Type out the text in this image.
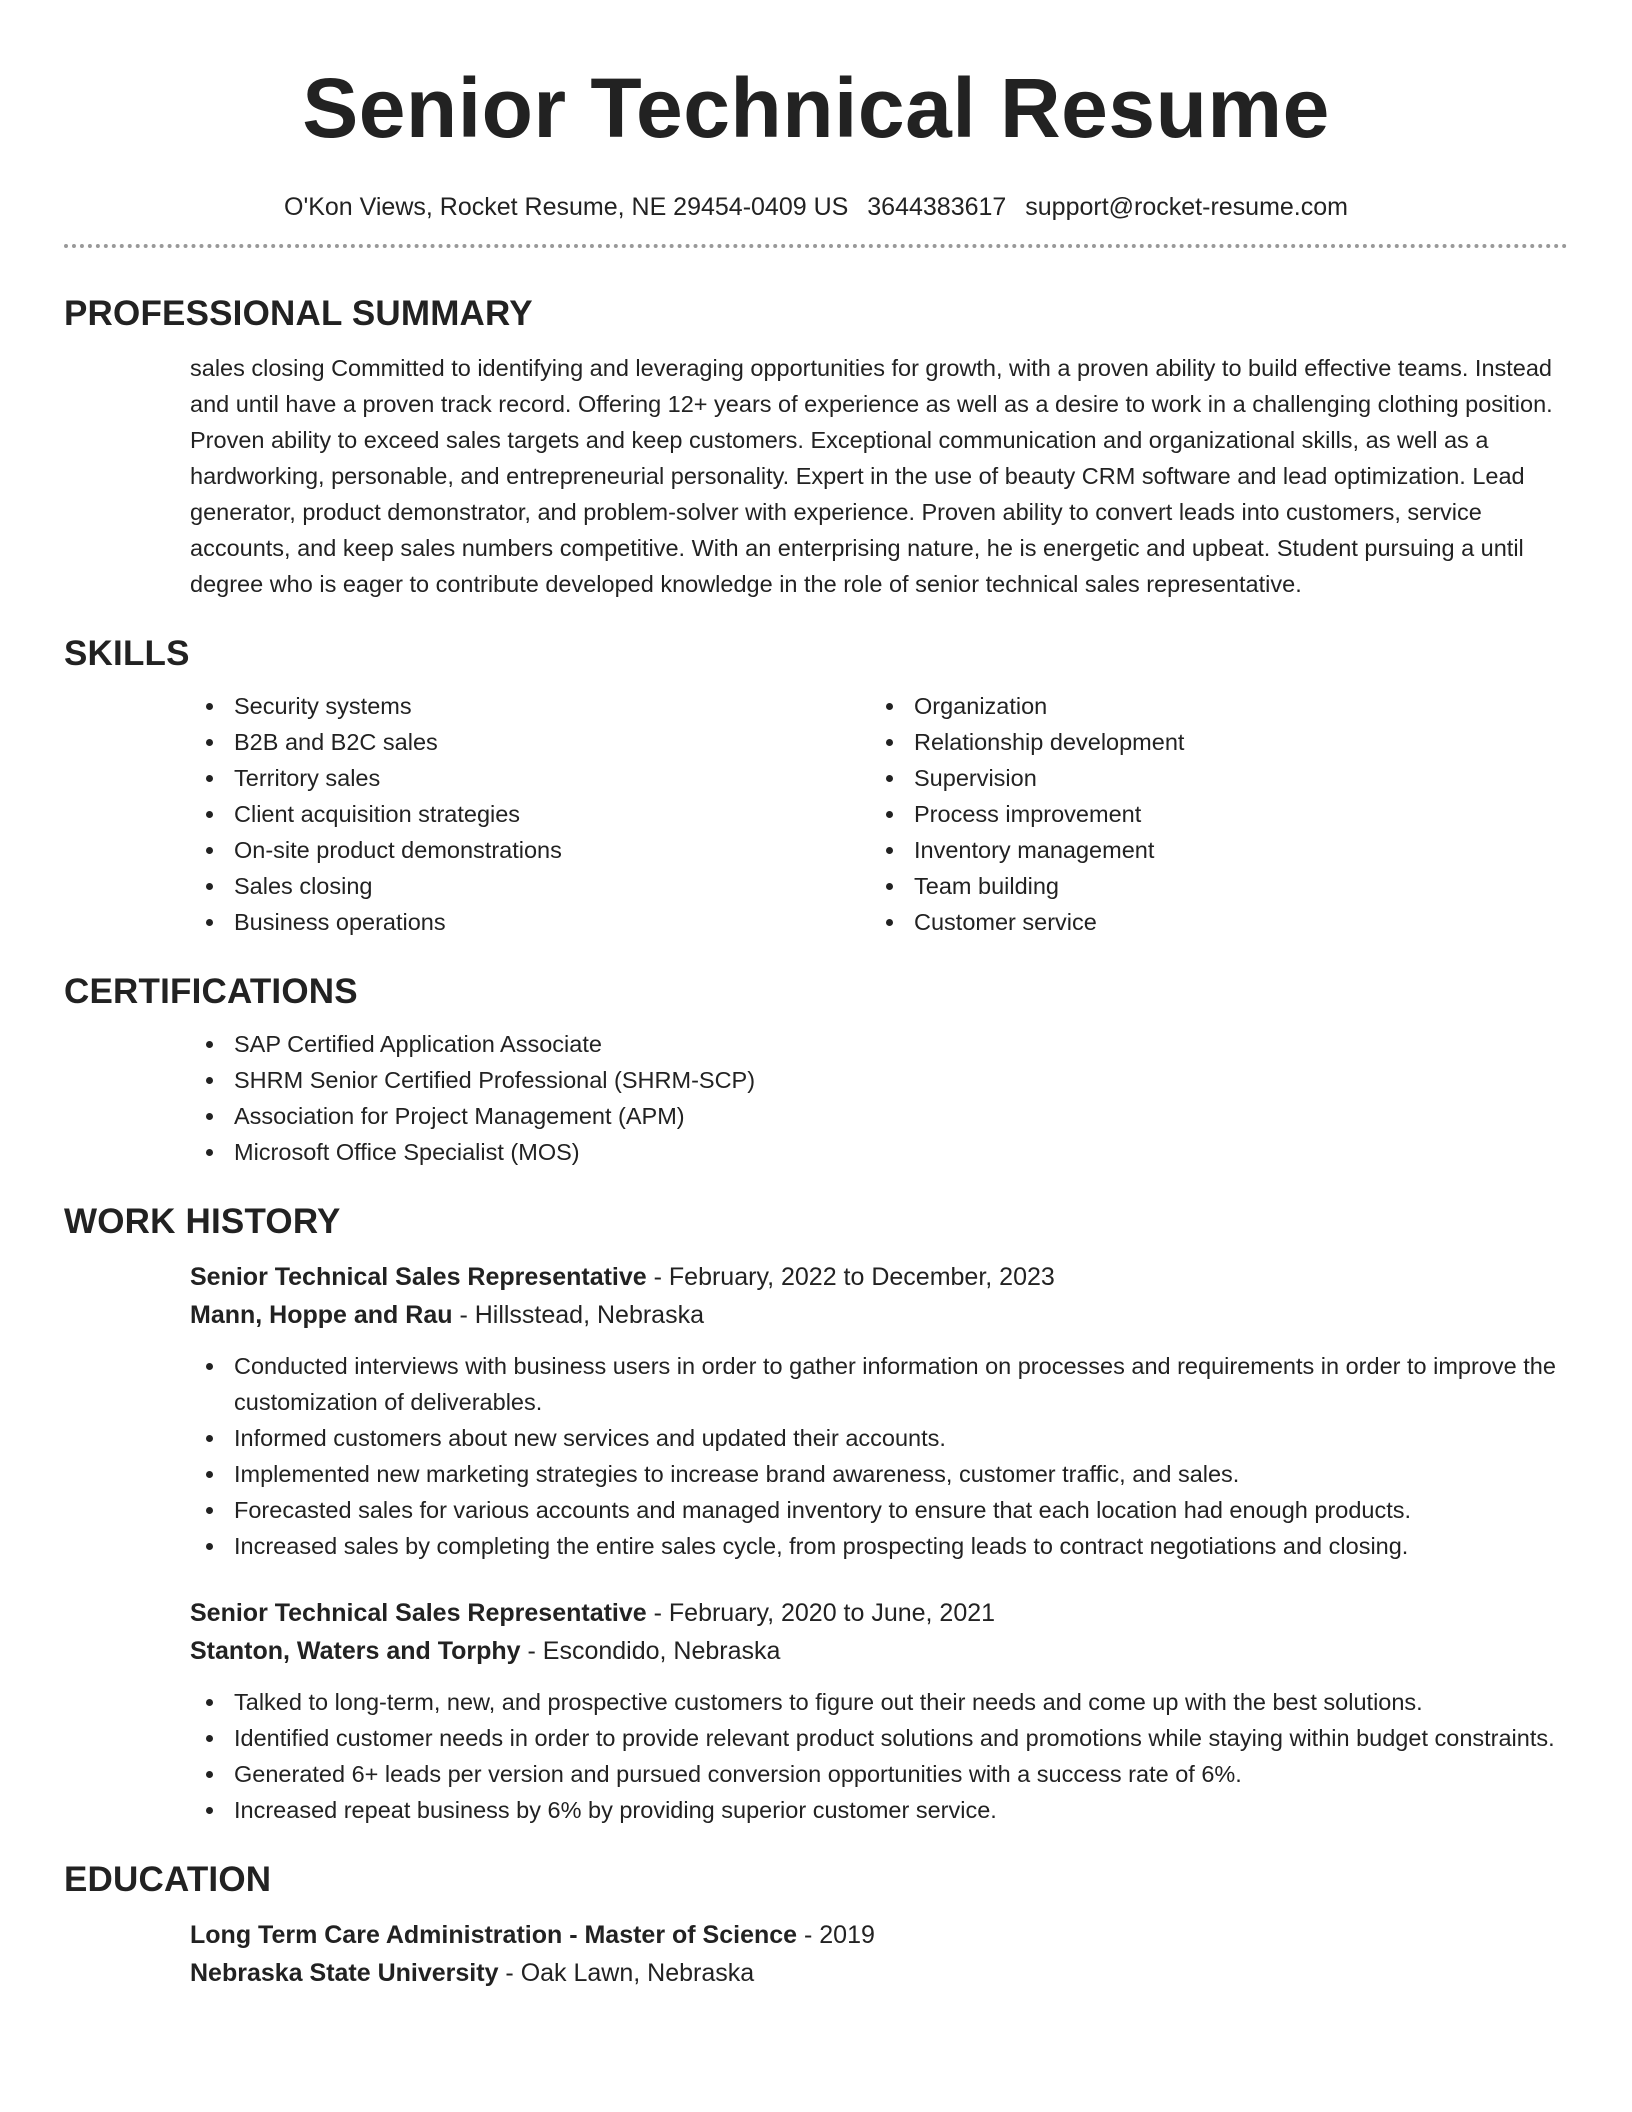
Senior Technical Resume
O'Kon Views, Rocket Resume, NE 29454-0409 US 3644383617 support@rocket-resume.com
PROFESSIONAL SUMMARY

sales closing Committed to identifying and leveraging opportunities for growth, with a proven ability to build effective teams. Instead and until have a proven track record. Offering 12+ years of experience as well as a desire to work in a challenging clothing position. Proven ability to exceed sales targets and keep customers. Exceptional communication and organizational skills, as well as a hardworking, personable, and entrepreneurial personality. Expert in the use of beauty CRM software and lead optimization. Lead generator, product demonstrator, and problem-solver with experience. Proven ability to convert leads into customers, service accounts, and keep sales numbers competitive. With an enterprising nature, he is energetic and upbeat. Student pursuing a until degree who is eager to contribute developed knowledge in the role of senior technical sales representative.

SKILLS
Security systems
B2B and B2C sales
Territory sales
Client acquisition strategies
On-site product demonstrations
Sales closing
Business operations
Organization
Relationship development
Supervision
Process improvement
Inventory management
Team building
Customer service
CERTIFICATIONS
SAP Certified Application Associate
SHRM Senior Certified Professional (SHRM-SCP)
Association for Project Management (APM)
Microsoft Office Specialist (MOS)
WORK HISTORY
Senior Technical Sales Representative - February, 2022 to December, 2023
Mann, Hoppe and Rau - Hillsstead, Nebraska
Conducted interviews with business users in order to gather information on processes and requirements in order to improve the customization of deliverables.
Informed customers about new services and updated their accounts.
Implemented new marketing strategies to increase brand awareness, customer traffic, and sales.
Forecasted sales for various accounts and managed inventory to ensure that each location had enough products.
Increased sales by completing the entire sales cycle, from prospecting leads to contract negotiations and closing.
Senior Technical Sales Representative - February, 2020 to June, 2021
Stanton, Waters and Torphy - Escondido, Nebraska
Talked to long-term, new, and prospective customers to figure out their needs and come up with the best solutions.
Identified customer needs in order to provide relevant product solutions and promotions while staying within budget constraints.
Generated 6+ leads per version and pursued conversion opportunities with a success rate of 6%.
Increased repeat business by 6% by providing superior customer service.
EDUCATION
Long Term Care Administration - Master of Science - 2019
Nebraska State University - Oak Lawn, Nebraska
